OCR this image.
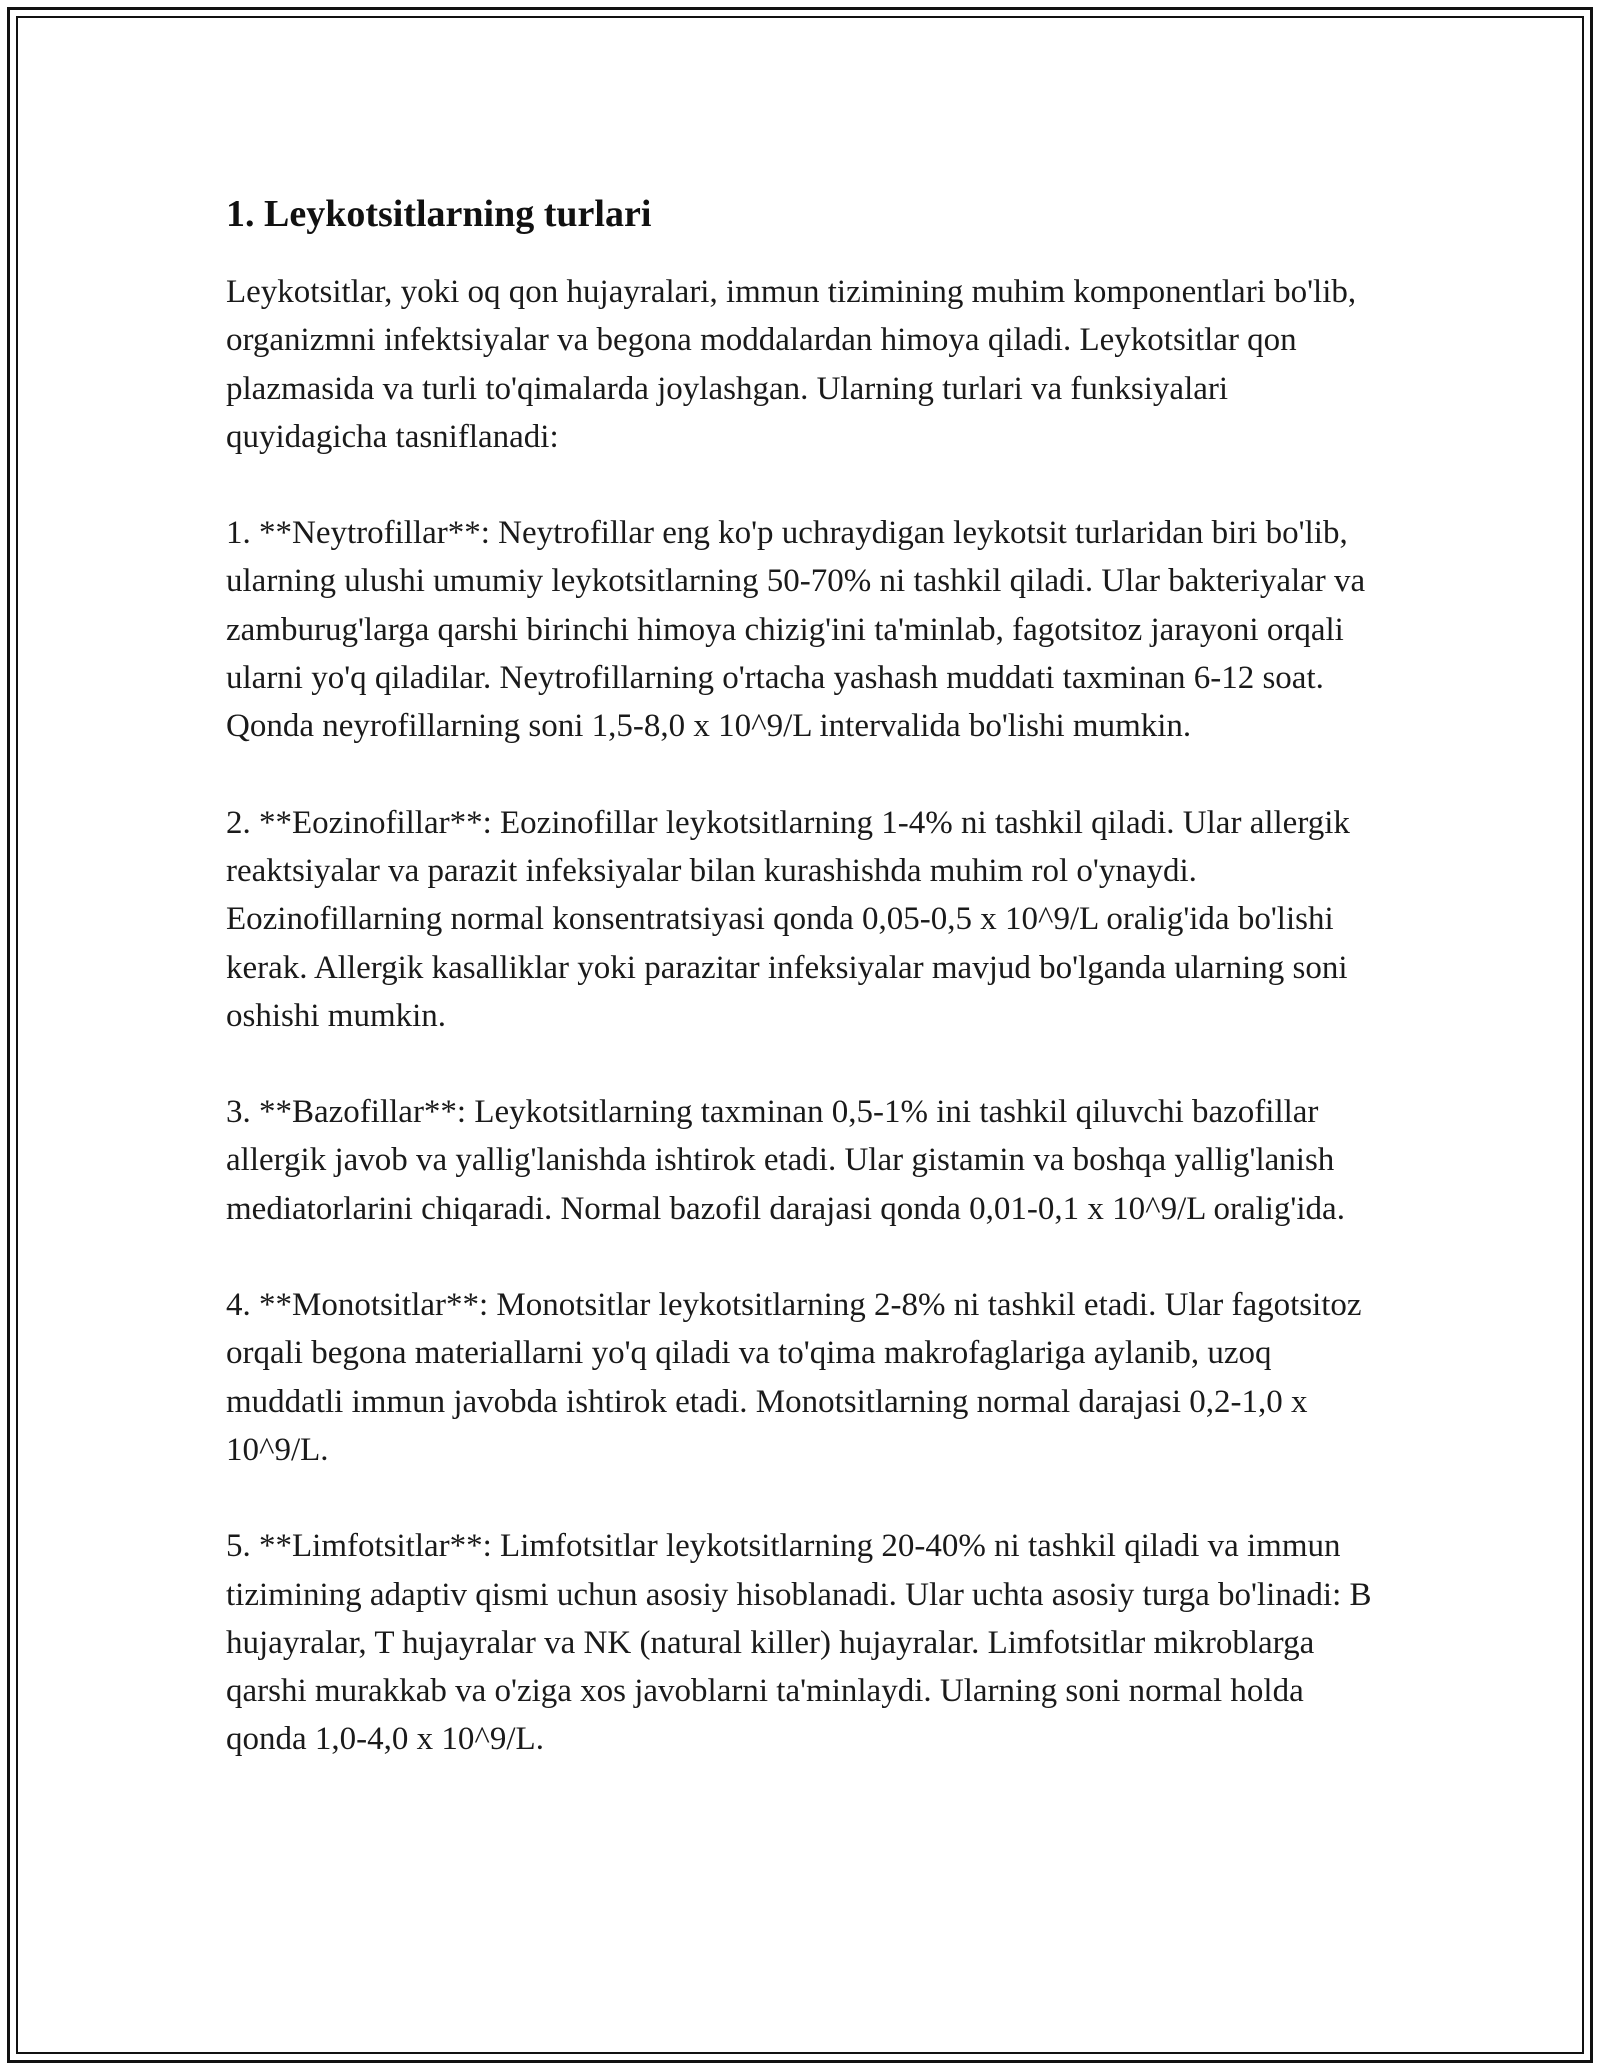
1. Leykotsitlarning turlari

Leykotsitlar, yoki oq qon hujayralari, immun tizimining muhim komponentlari bo'lib, organizmni infektsiyalar va begona moddalardan himoya qiladi. Leykotsitlar qon plazmasida va turli to'qimalarda joylashgan. Ularning turlari va funksiyalari quyidagicha tasniflanadi:

1. **Neytrofillar**: Neytrofillar eng ko'p uchraydigan leykotsit turlaridan biri bo'lib, ularning ulushi umumiy leykotsitlarning 50-70% ni tashkil qiladi. Ular bakteriyalar va zamburug'larga qarshi birinchi himoya chizig'ini ta'minlab, fagotsitoz jarayoni orqali ularni yo'q qiladilar. Neytrofillarning o'rtacha yashash muddati taxminan 6-12 soat. Qonda neyrofillarning soni 1,5-8,0 x 10^9/L intervalida bo'lishi mumkin.

2. **Eozinofillar**: Eozinofillar leykotsitlarning 1-4% ni tashkil qiladi. Ular allergik reaktsiyalar va parazit infeksiyalar bilan kurashishda muhim rol o'ynaydi. Eozinofillarning normal konsentratsiyasi qonda 0,05-0,5 x 10^9/L oralig'ida bo'lishi kerak. Allergik kasalliklar yoki parazitar infeksiyalar mavjud bo'lganda ularning soni oshishi mumkin.

3. **Bazofillar**: Leykotsitlarning taxminan 0,5-1% ini tashkil qiluvchi bazofillar allergik javob va yallig'lanishda ishtirok etadi. Ular gistamin va boshqa yallig'lanish mediatorlarini chiqaradi. Normal bazofil darajasi qonda 0,01-0,1 x 10^9/L oralig'ida.

4. **Monotsitlar**: Monotsitlar leykotsitlarning 2-8% ni tashkil etadi. Ular fagotsitoz orqali begona materiallarni yo'q qiladi va to'qima makrofaglariga aylanib, uzoq muddatli immun javobda ishtirok etadi. Monotsitlarning normal darajasi 0,2-1,0 x 10^9/L.

5. **Limfotsitlar**: Limfotsitlar leykotsitlarning 20-40% ni tashkil qiladi va immun tizimining adaptiv qismi uchun asosiy hisoblanadi. Ular uchta asosiy turga bo'linadi: B hujayralar, T hujayralar va NK (natural killer) hujayralar. Limfotsitlar mikroblarga qarshi murakkab va o'ziga xos javoblarni ta'minlaydi. Ularning soni normal holda qonda 1,0-4,0 x 10^9/L.
